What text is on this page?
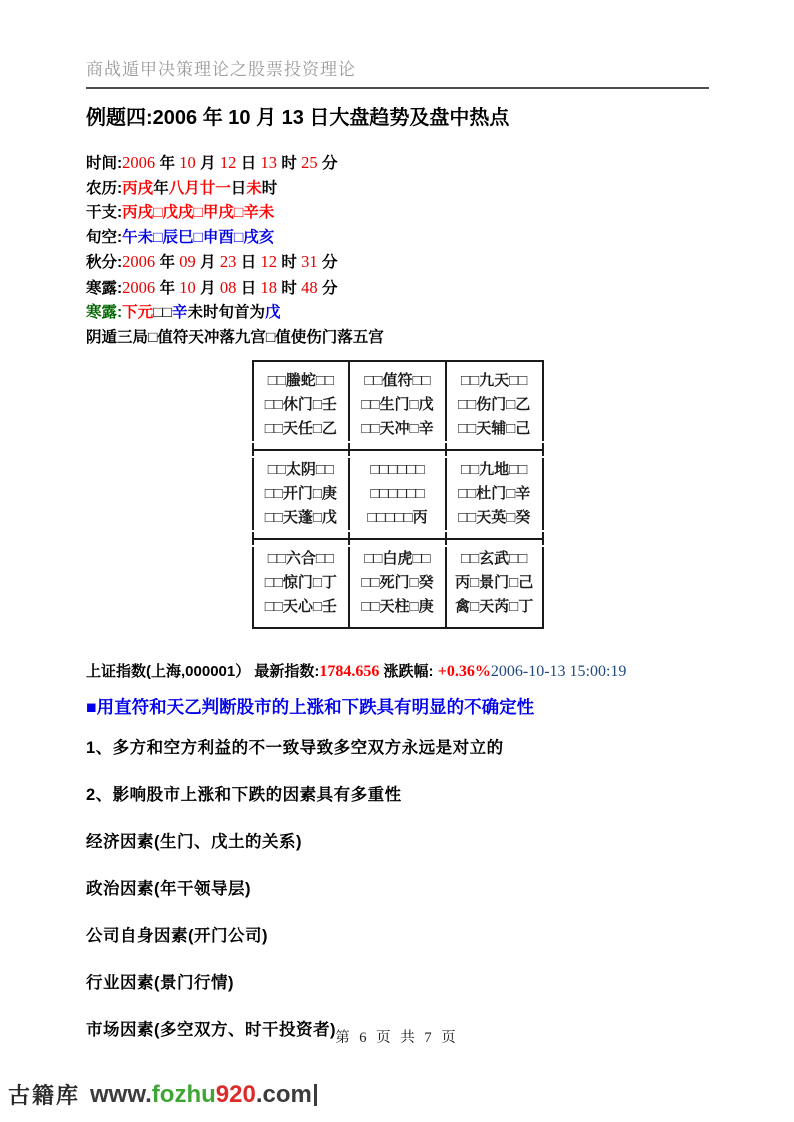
商战遁甲决策理论之股票投资理论
例题四:2006 年 10 月 13 日大盘趋势及盘中热点
时间:2006 年 10 月 12 日 13 时 25 分
农历:丙戌年八月廿一日未时
干支:丙戌□戊戌□甲戌□辛未
旬空:午未□辰巳□申酉□戌亥
秋分:2006 年 09 月 23 日 12 时 31 分
寒露:2006 年 10 月 08 日 18 时 48 分
寒露:下元□□辛未时旬首为戊
阴遁三局□值符天冲落九宫□值使伤门落五宫
□□螣蛇□□	□□值符□□	□□九天□□
□□休门□壬	□□生门□戊	□□伤门□乙
□□天任□乙	□□天冲□辛	□□天辅□己
□□太阴□□	□□□□□□	□□九地□□
□□开门□庚	□□□□□□	□□杜门□辛
□□天蓬□戊	□□□□□丙	□□天英□癸
□□六合□□	□□白虎□□	□□玄武□□
□□惊门□丁	□□死门□癸	丙□景门□己
□□天心□壬	□□天柱□庚	禽□天芮□丁
上证指数(上海,000001） 最新指数:1784.656 涨跌幅: +0.36%2006-10-13 15:00:19
■用直符和天乙判断股市的上涨和下跌具有明显的不确定性
1、多方和空方利益的不一致导致多空双方永远是对立的
2、影响股市上涨和下跌的因素具有多重性
经济因素(生门、戊土的关系)
政治因素(年干领导层)
公司自身因素(开门公司)
行业因素(景门行情)
市场因素(多空双方、时干投资者) 第 6 页 共 7 页
古籍库 www. fozhu 920 .com
